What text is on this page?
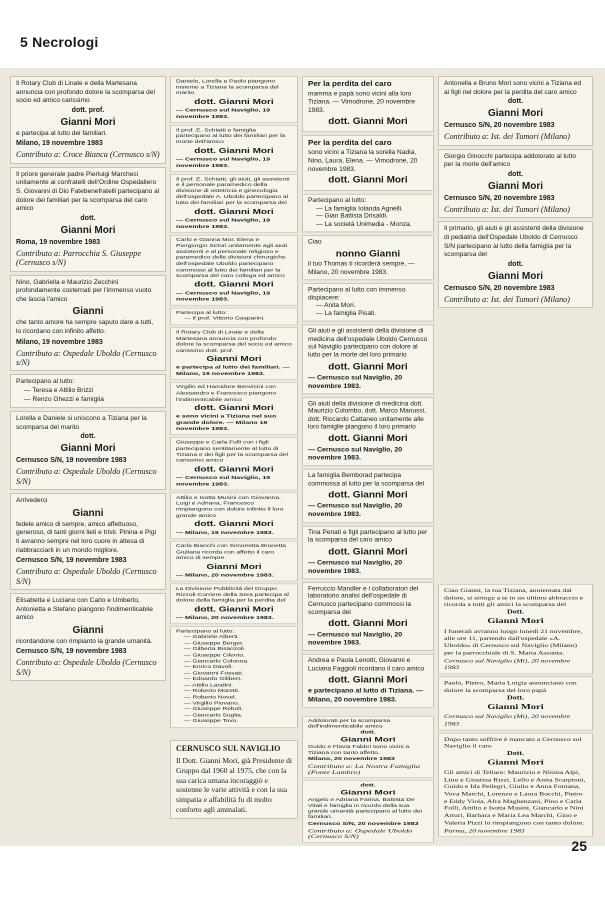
5 Necrologi
Il Rotary Club di Linate e della Martesana annuncia con profondo dolore la scomparsa del socio ed amico carissimo
dott. prof.
Gianni Mori
e partecipa al lutto dei familiari.
Milano, 19 novembre 1983
Contributo a: Croce Bianca (Cernusco s/N)
Il priore generale padre Pierluigi Marchesi unitamente ai confratelli dell'Ordine Ospedaliero S. Giovanni di Dio Fatebenefratelli partecipano al dolore dei familiari per la scomparsa del caro amico
dott.
Gianni Mori
Roma, 19 novembre 1983
Contributo a: Parrocchia S. Giuseppe (Cernusco s/N)
Nino, Gabriella e Maurizio Zecchini profondamente costernati per l'immenso vuoto che lascia l'amico
Gianni
che tanto amore ha sempre saputo dare a tutti, lo ricordano con infinito affetto.
Milano, 19 novembre 1983
Contributo a: Ospedale Uboldo (Cernusco s/N)
Partecipano al lutto:
— Teresa e Attilio Brizzi
— Renzo Ghezzi e famiglia
Lorella e Daniele si uniscono a Tiziana per la scomparsa del marito
dott.
Gianni Mori
Cernusco S/N, 19 novembre 1983
Contributo a: Ospedale Uboldo (Cernusco S/N)
Arrivederci
Gianni
fedele amico di sempre, amico affettuoso, generoso, di tanti giorni lieti e tristi. Pinina e Pigi ti avranno sempre nel loro cuore in attesa di riabbracciarti in un mondo migliore.
Cernusco S/N, 19 novembre 1983
Contributo a: Ospedale Uboldo (Cernusco S/N)
Elisabetta e Luciano con Carlo e Umberto, Antonietta e Stefano piangono l'indimenticabile amico
Gianni
ricordandone con rimpianto la grande umanità.
Cernusco S/N, 19 novembre 1983
Contributo a: Ospedale Uboldo (Cernusco S/N)
Daniele, Lorella e Paolo piangono insieme a Tiziana la scomparsa del marito
dott. Gianni Mori
— Cernusco sul Naviglio, 19 novembre 1983.
Il prof. E. Schiatti e famiglia partecipano al lutto dei familiari per la morte dell'amico
dott. Gianni Mori
— Cernusco sul Naviglio, 19 novembre 1983.
Il prof. E. Schiatti, gli aiuti, gli assistenti e il personale paramedico della divisione di ostetricia e ginecologia dell'ospedale A. Uboldo partecipano al lutto dei familiari per la scomparsa del
dott. Gianni Mori
— Cernusco sul Naviglio, 19 novembre 1983.
Carlo e Gianna Mor, Elena e Piergiorgio Sirtori unitamente agli aiuti assistenti e al personale religioso e paramedico delle divisioni chirurgiche dell'ospedale Uboldo partecipano commossi al lutto dei familiari per la scomparsa del caro collega ed amico
dott. Gianni Mori
— Cernusco sul Naviglio, 19 novembre 1983.
Partecipa al lutto:
— Il prof. Vittorio Gasparini.
Il Rotary Club di Linate e della Martesana annuncia con profondo dolore la scomparsa del socio ed amico carissimo dott. prof.
Gianni Mori
e partecipa al lutto dei familiari. — Milano, 19 novembre 1983.
Virgilio ed Hamidore Benvicini con Alessandro e Francesco piangono l'indimenticabile amico
dott. Gianni Mori
e sono vicini a Tiziana nel suo grande dolore. — Milano 19 novembre 1983.
Giuseppe e Carla Folli con i figli partecipano sentitamente al lutto di Tiziana e dei figli per la scomparsa del carissimo amico
dott. Gianni Mori
— Cernusco sul Naviglio, 19 novembre 1983.
Attilio e Isotta Musini con Giovanna, Luigi e Adriana, Francesco rimpiangono con dolore infinito il loro grande amico
dott. Gianni Mori
— Milano, 19 novembre 1983.
Carla Bianchi con Simonetta Brunetta Giuliana ricorda con affetto il caro amico di sempre
Gianni Mori
— Milano, 20 novembre 1983.
La Divisione Pubblicità del Gruppo Rizzoli-Corriere della Sera partecipa al dolore della famiglia per la perdita del
dott. Gianni Mori
— Milano, 20 novembre 1983.
Partecipano al lutto:
— Gabriele Alberti.
— Giuseppe Berger.
— Gilberta Bisanzoli.
— Giuseppe Cilento.
— Giancarlo Colonna.
— Enrico Davoli.
— Giovanni Fossati.
— Edoardo Gilibert.
— Attilio Landini.
— Roberto Moretti.
— Roberto Novel.
— Virgilio Piovano.
— Giuseppe Reboli.
— Giancarlo Suglia.
— Giuseppe Tovo.
Per la perdita del caro
mamma e papà sono vicini alla loro Tiziana. — Vimodrone, 20 novembre 1983.
dott. Gianni Mori
Per la perdita del caro
sono vicini a Tiziana la sorella Nadia, Nino, Laura, Elena. — Vimodrone, 20 novembre 1983.
dott. Gianni Mori
Partecipano al lutto:
— La famiglia Iolanda Agnelli.
— Gian Battista Drisaldi.
— La società Unimedia - Monza.
Ciao
nonno Gianni
il tuo Thomas ti ricorderà sempre. — Milano, 20 novembre 1983.
Partecipano al lutto con immenso dispiacere:
— Anita Mori.
— La famiglia Pisati.
Gli aiuti e gli assistenti della divisione di medicina dell'ospedale Uboldo Cernusco sul Naviglio partecipano con dolore al lutto per la morte del loro primario
dott. Gianni Mori
— Cernusco sul Naviglio, 20 novembre 1983.
Gli aiuti della divisione di medicina dott. Maurizio Colombo, dott. Marco Manussi, dott. Riccardo Cattaneo unitamente alle loro famiglie piangono il loro primario
dott. Gianni Mori
— Cernusco sul Naviglio, 20 novembre 1983.
La famiglia Bemborad partecipa commossa al lutto per la scomparsa del
dott. Gianni Mori
— Cernusco sul Naviglio, 20 novembre 1983.
Tina Penati e figli partecipano al lutto per la scomparsa del caro amico
dott. Gianni Mori
— Cernusco sul Naviglio, 20 novembre 1983.
Ferruccio Mandler e i collaboratori del laboratorio analisi dell'ospedale di Cernusco partecipano commossi la scomparsa del
dott. Gianni Mori
— Cernusco sul Naviglio, 20 novembre 1983.
Andrea e Paola Lenotti, Giovanni e Luciana Faggioli ricordano il caro amico
dott. Gianni Mori
e partecipano al lutto di Tiziana. — Milano, 20 novembre 1983.
Antonella e Bruno Mori sono vicini a Tiziana ed ai figli nel dolore per la perdita del caro amico
dott.
Gianni Mori
Cernusco S/N, 20 novembre 1983
Contributo a: Ist. dei Tumori (Milano)
Giorgio Ginocchi partecipa addolorato al lutto per la morte dell'amico
dott.
Gianni Mori
Cernusco S/N, 20 novembre 1983
Contributo a: Ist. dei Tumori (Milano)
Il primario, gli aiuti e gli assistenti della divisione di pediatria dell'Ospedale Uboldo di Cernusco S/N partecipano al lutto della famiglia per la scomparsa del
dott.
Gianni Mori
Cernusco S/N, 20 novembre 1983
Contributo a: Ist. dei Tumori (Milano)
CERNUSCO SUL NAVIGLIO
Il Dott. Gianni Mori, già Presidente di Gruppo dal 1960 al 1975, che con la sua carica umana incoraggiò e sostenne le varie attività e con la sua simpatia e affabilità fu di molto conforto agli ammalati.
Addolorati per la scomparsa dell'indimenticabile amico
dott.
Gianni Mori
Guido e Flavia Fabbri sono vicini a Tiziana con tanto affetto.
Milano, 20 novembre 1983
Contributo a: La Nostra Famiglia (Ponte Lambro)
dott.
Gianni Mori
Angelo e Adriana Farina, Battista De Vitali e famiglia in ricordo della sua grande umanità partecipano al lutto dei familiari.
Cernusco S/N, 20 novembre 1983
Contributo a: Ospedale Uboldo (Cernusco S/N)
Ciao Gianni, la tua Tiziana, annientata dal dolore, si stringe a te in un ultimo abbraccio e ricorda a tutti gli amici la scomparsa del
Dott.
Gianni Mori
I funerali avranno luogo lunedì 21 novembre, alle ore 11, partendo dall'ospedale «A. Uboldo» di Cernusco sul Naviglio (Milano) per la parrocchiale di S. Maria Assunta.
Cernusco sul Naviglio (Mi), 20 novembre 1983
Paolo, Pietro, Maria Luigia annunciano con dolore la scomparsa del loro papà
Dott.
Gianni Mori
Cernusco sul Naviglio (Mi), 20 novembre 1983
Dopo tanto soffrire è mancato a Cernusco sul Naviglio il caro
Dott.
Gianni Mori
Gli amici di Tellaro: Maurizio e Ninina Alpi, Lino e Giustina Rizzi, Lello e Anita Scarpioni, Guido e Ida Pellegri, Giulio e Anna Fontana, Vova Marchi, Lorenzo e Laura Bocchi, Pietro e Eddy Viola, Afra Maghenzani, Pino e Carla Folli, Attilio e Isotta Musini, Giancarlo e Nini Arturi, Barbara e Maria Lea Marchi, Gino e Valeria Pizzi lo rimpiangono con tanto dolore.
Parma, 20 novembre 1983
25
